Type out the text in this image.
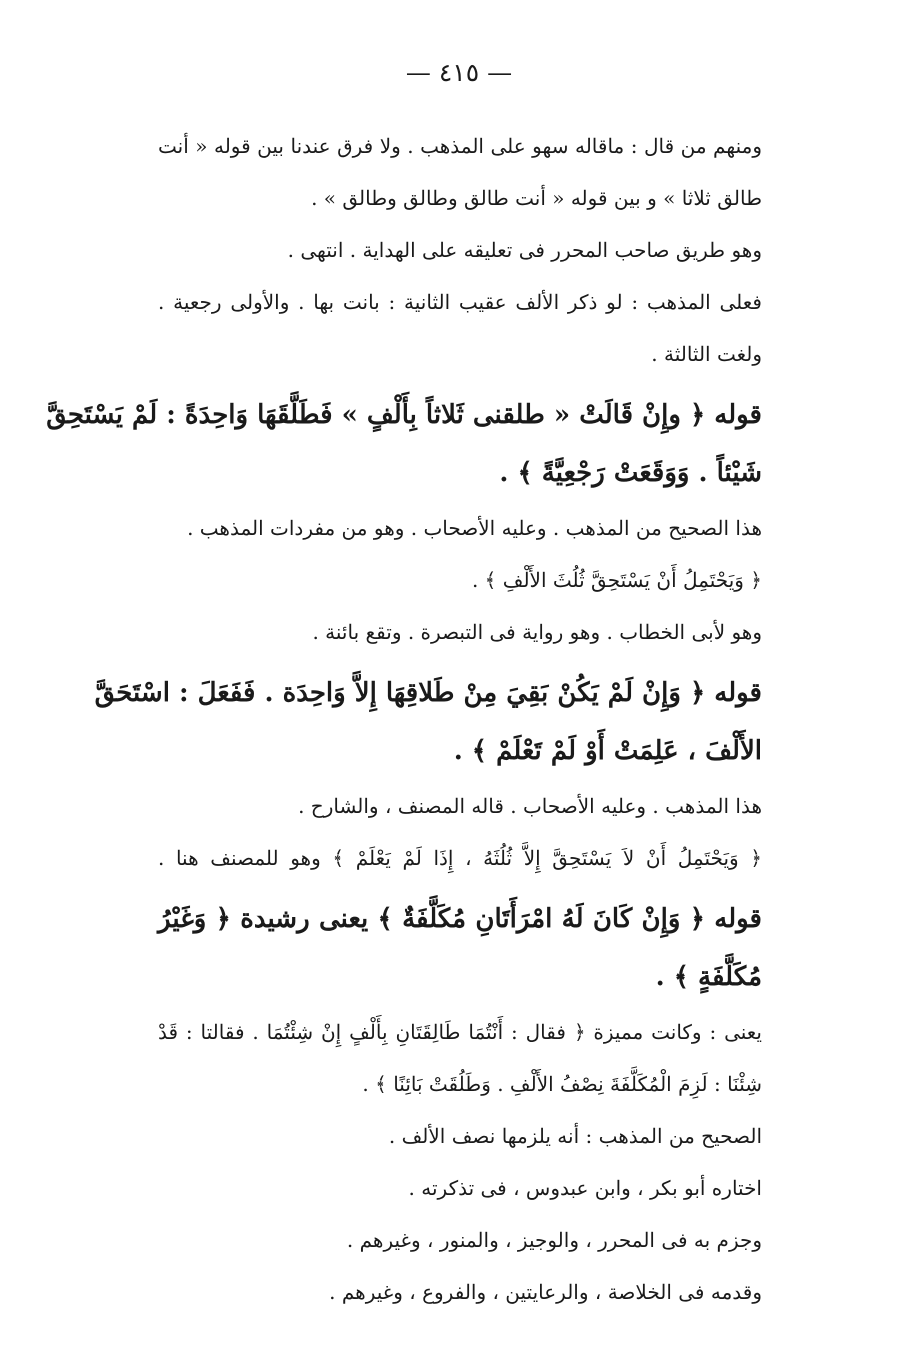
— ٤١٥ —
ومنهم من قال : ماقاله سهو على المذهب . ولا فرق عندنا بين قوله « أنت
طالق ثلاثا » و بين قوله « أنت طالق وطالق وطالق » .
وهو طريق صاحب المحرر فى تعليقه على الهداية . انتهى .
فعلى المذهب : لو ذكر الألف عقيب الثانية : بانت بها . والأولى رجعية .
ولغت الثالثة .
قوله ﴿ وإِنْ قَالَتْ « طلقنى ثَلاثاً بِأَلْفٍ » فَطَلَّقَهَا وَاحِدَةً : لَمْ يَسْتَحِقَّ
شَيْئاً . وَوَقَعَتْ رَجْعِيَّةً ﴾ .
هذا الصحيح من المذهب . وعليه الأصحاب . وهو من مفردات المذهب .
﴿ وَيَحْتَمِلُ أَنْ يَسْتَحِقَّ ثُلُثَ الأَلْفِ ﴾ .
وهو لأبى الخطاب . وهو رواية فى التبصرة . وتقع بائنة .
قوله ﴿ وَإِنْ لَمْ يَكُنْ بَقِيَ مِنْ طَلاقِهَا إِلاَّ وَاحِدَة . فَفَعَلَ : اسْتَحَقَّ
الأَلْفَ ، عَلِمَتْ أَوْ لَمْ تَعْلَمْ ﴾ .
هذا المذهب . وعليه الأصحاب . قاله المصنف ، والشارح .
﴿ وَيَحْتَمِلُ أَنْ لاَ يَسْتَحِقَّ إِلاَّ ثُلُثَهُ ، إِذَا لَمْ يَعْلَمْ ﴾ وهو للمصنف هنا .
قوله ﴿ وَإِنْ كَانَ لَهُ امْرَأَتَانِ مُكَلَّفَةٌ ﴾ يعنى رشيدة ﴿ وَغَيْرُ
مُكَلَّفَةٍ ﴾ .
يعنى : وكانت مميزة ﴿ فقال : أَنْتُمَا طَالِقَتَانِ بِأَلْفٍ إِنْ شِئْتُمَا . فقالتا : قَدْ
شِئْنَا : لَزِمَ الْمُكَلَّفَةَ نِصْفُ الأَلْفِ . وَطَلُقَتْ بَائِنًا ﴾ .
الصحيح من المذهب : أنه يلزمها نصف الألف .
اختاره أبو بكر ، وابن عبدوس ، فى تذكرته .
وجزم به فى المحرر ، والوجيز ، والمنور ، وغيرهم .
وقدمه فى الخلاصة ، والرعايتين ، والفروع ، وغيرهم .
